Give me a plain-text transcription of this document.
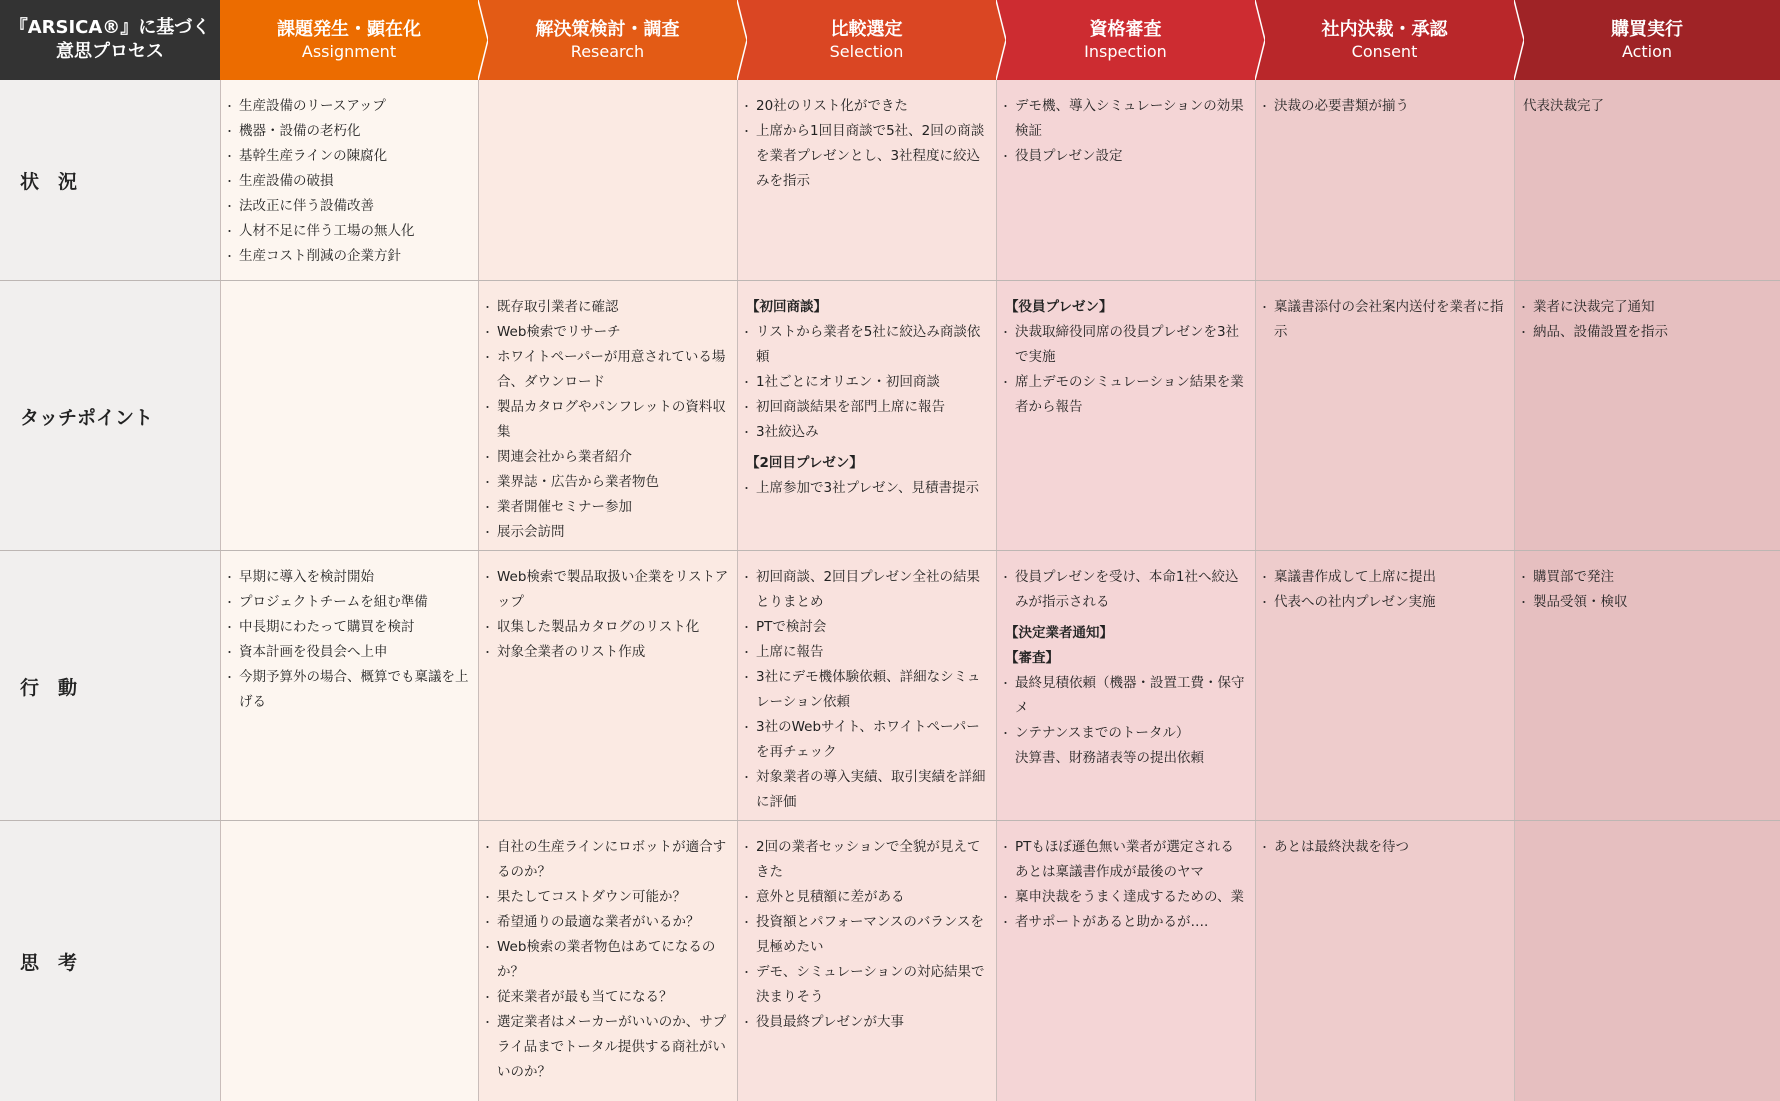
『ARSICA®』に基づく
意思プロセス
課題発生・顕在化
Assignment
解決策検討・調査
Research
比較選定
Selection
資格審査
Inspection
社内決裁・承認
Consent
購買実行
Action
状　況
・ 生産設備のリースアップ
・ 機器・設備の老朽化
・ 基幹生産ラインの陳腐化
・ 生産設備の破損
・ 法改正に伴う設備改善
・ 人材不足に伴う工場の無人化
・ 生産コスト削減の企業方針
・ 20社のリスト化ができた
・ 上席から1回目商談で5社、2回の商談を業者プレゼンとし、3社程度に絞込みを指示
・ デモ機、導入シミュレーションの効果検証
・ 役員プレゼン設定
・ 決裁の必要書類が揃う	代表決裁完了
タッチポイント
・ 既存取引業者に確認
・ Web検索でリサーチ
・ ホワイトペーパーが用意されている場合、ダウンロード
・ 製品カタログやパンフレットの資料収集
・ 関連会社から業者紹介
・ 業界誌・広告から業者物色
・ 業者開催セミナー参加
・ 展示会訪問
【初回商談】
・ リストから業者を5社に絞込み商談依頼
・ 1社ごとにオリエン・初回商談
・ 初回商談結果を部門上席に報告
・ 3社絞込み
【2回目プレゼン】
・ 上席参加で3社プレゼン、見積書提示
【役員プレゼン】
・ 決裁取締役同席の役員プレゼンを3社で実施
・ 席上デモのシミュレーション結果を業者から報告
・ 稟議書添付の会社案内送付を業者に指示
・ 業者に決裁完了通知
・ 納品、設備設置を指示
行　動
・ 早期に導入を検討開始
・ プロジェクトチームを組む準備
・ 中長期にわたって購買を検討
・ 資本計画を役員会へ上申
・ 今期予算外の場合、概算でも稟議を上げる
・ Web検索で製品取扱い企業をリストアップ
・ 収集した製品カタログのリスト化
・ 対象全業者のリスト作成
・ 初回商談、2回目プレゼン全社の結果とりまとめ
・ PTで検討会
・ 上席に報告
・ 3社にデモ機体験依頼、詳細なシミュレーション依頼
・ 3社のWebサイト、ホワイトペーパーを再チェック
・ 対象業者の導入実績、取引実績を詳細に評価
・ 役員プレゼンを受け、本命1社へ絞込みが指示される
【決定業者通知】
【審査】
・ 最終見積依頼（機器・設置工費・保守メ
・ ンテナンスまでのトータル）
決算書、財務諸表等の提出依頼
・ 稟議書作成して上席に提出
・ 代表への社内プレゼン実施
・ 購買部で発注
・ 製品受領・検収
思　考
・ 自社の生産ラインにロボットが適合するのか？
・ 果たしてコストダウン可能か？
・ 希望通りの最適な業者がいるか？
・ Web検索の業者物色はあてになるのか？
・ 従来業者が最も当てになる？
・ 選定業者はメーカーがいいのか、サプライ品までトータル提供する商社がいいのか？
・ 2回の業者セッションで全貌が見えてきた
・ 意外と見積額に差がある
・ 投資額とパフォーマンスのバランスを見極めたい
・ デモ、シミュレーションの対応結果で決まりそう
・ 役員最終プレゼンが大事
・ PTもほぼ遜色無い業者が選定されるあとは稟議書作成が最後のヤマ
・ 稟申決裁をうまく達成するための、業
・ 者サポートがあると助かるが….
・ あとは最終決裁を待つ
